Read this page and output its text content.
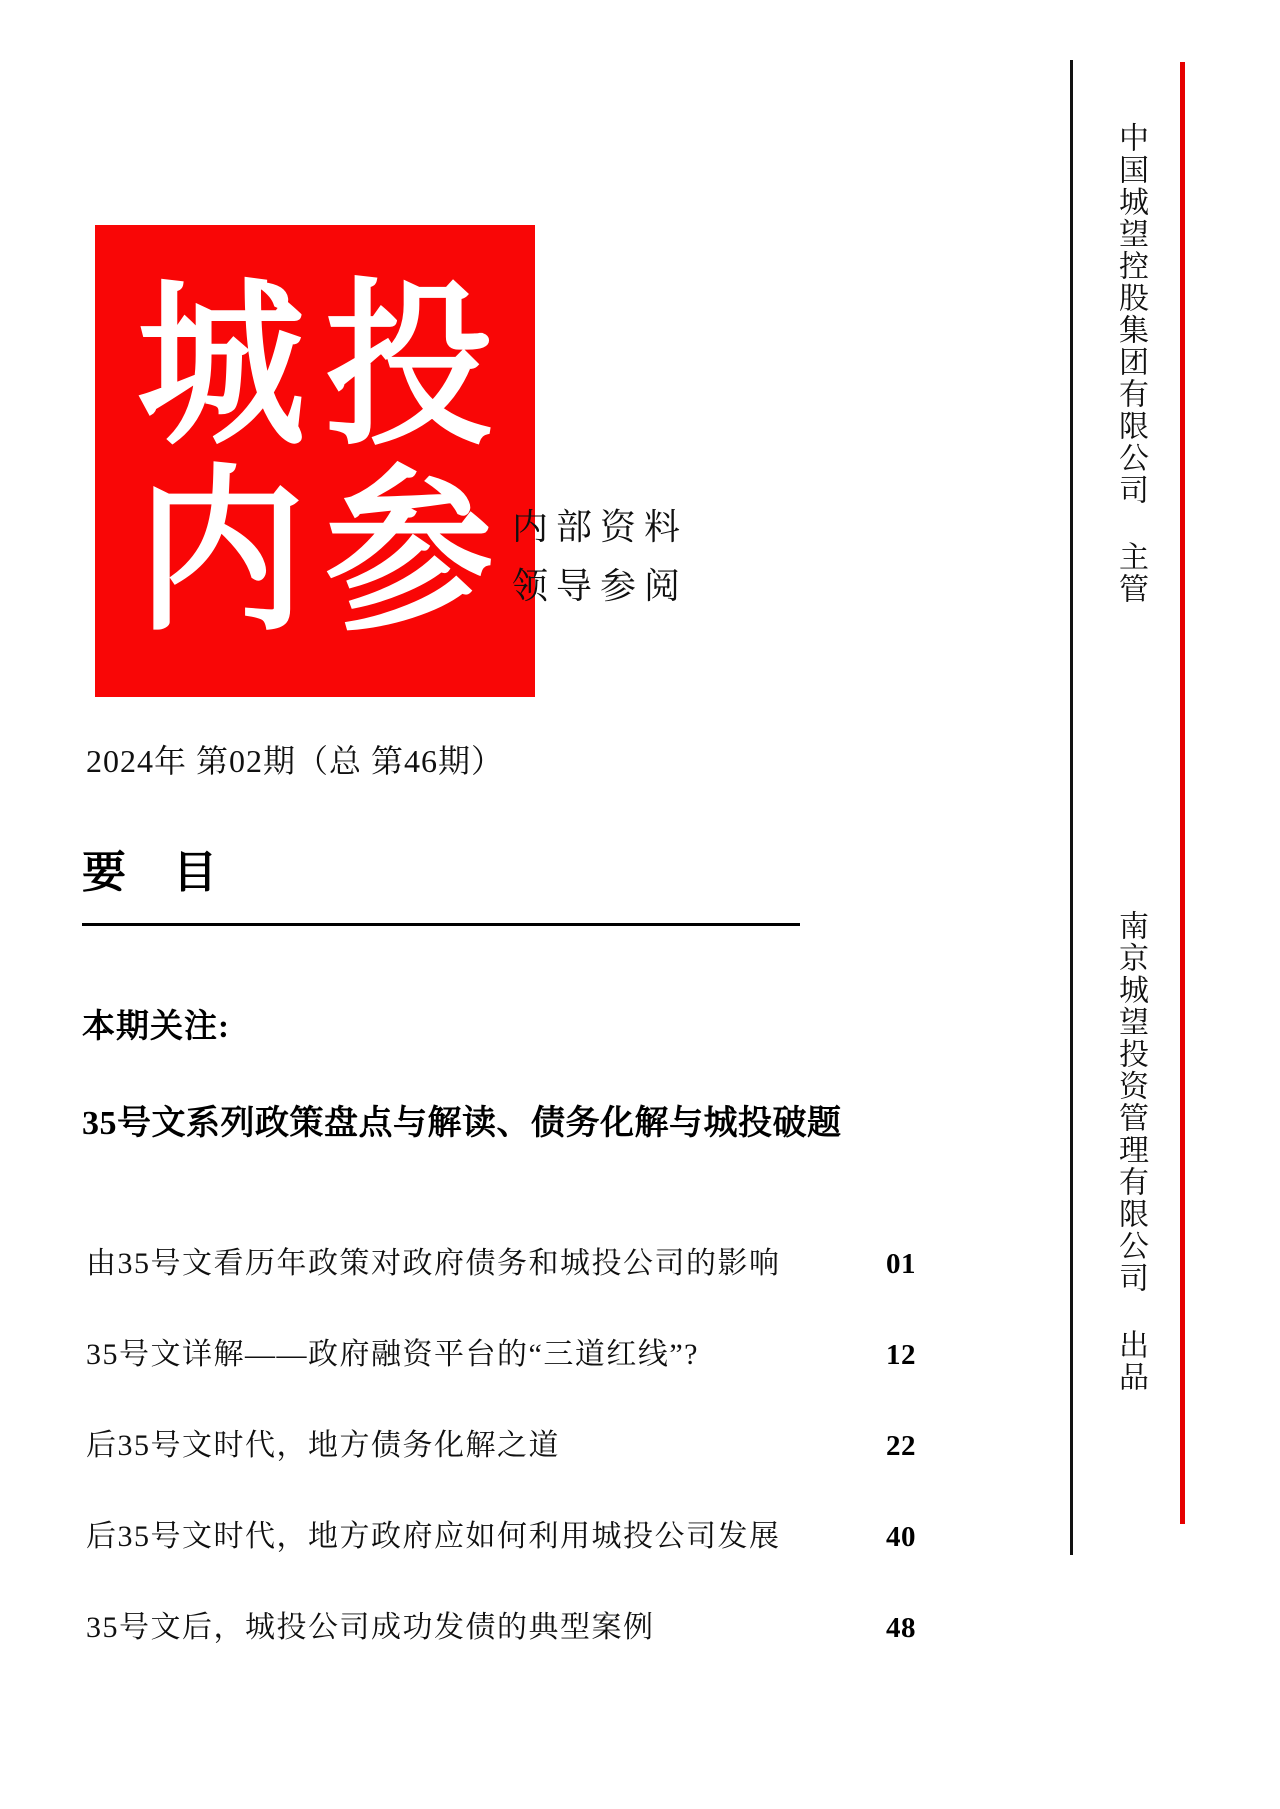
城 投
内 参 内部资料
领导参阅
2024年 第02期（总 第46期）
要 目
本期关注:
35号文系列政策盘点与解读、债务化解与城投破题
由35号文看历年政策对政府债务和城投公司的影响	01
35号文详解——政府融资平台的“三道红线”?	12
后35号文时代，地方债务化解之道	22
后35号文时代，地方政府应如何利用城投公司发展	40
35号文后，城投公司成功发债的典型案例	48
中国城望控股集团有限公司 主管
南京城望投资管理有限公司 出品
